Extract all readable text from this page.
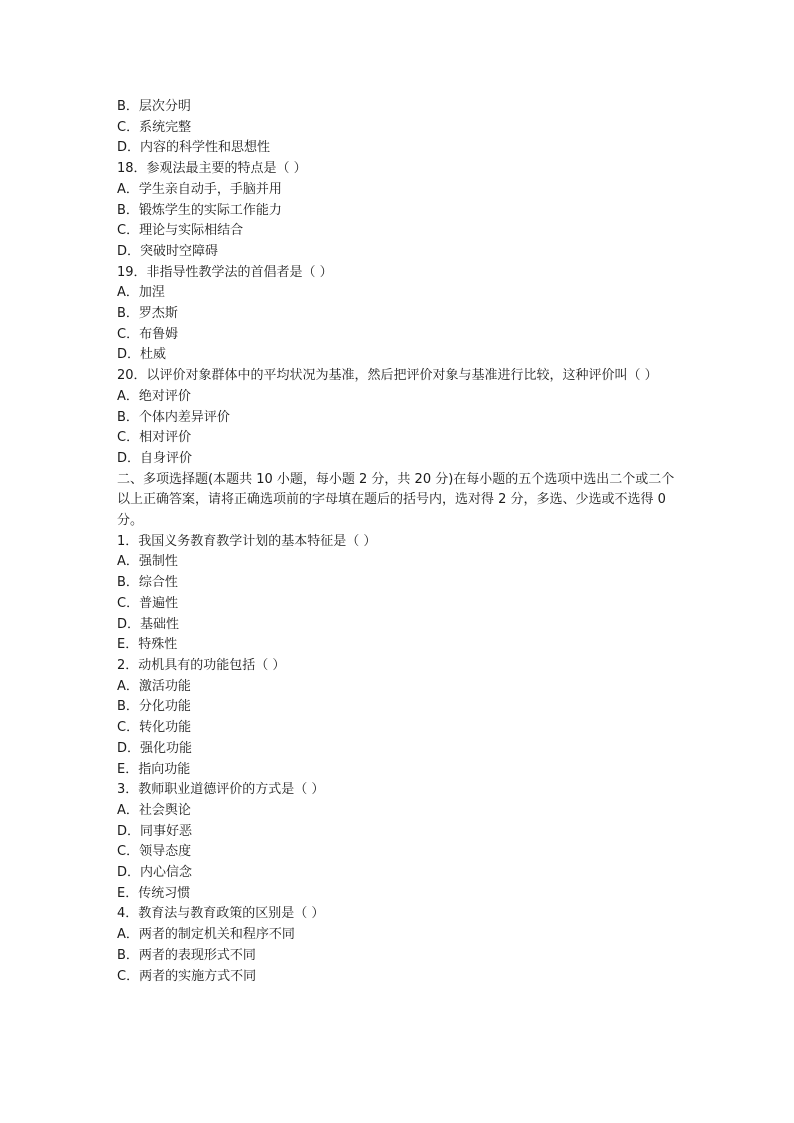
B．层次分明

C．系统完整

D．内容的科学性和思想性

18．参观法最主要的特点是（ ）

A．学生亲自动手，手脑并用

B．锻炼学生的实际工作能力

C．理论与实际相结合

D．突破时空障碍

19．非指导性教学法的首倡者是（ ）

A．加涅

B．罗杰斯

C．布鲁姆

D．杜威

20．以评价对象群体中的平均状况为基准，然后把评价对象与基准进行比较，这种评价叫（ ）

A．绝对评价

B．个体内差异评价

C．相对评价

D．自身评价

二、多项选择题(本题共 10 小题，每小题 2 分，共 20 分)在每小题的五个选项中选出二个或二个以上正确答案，请将正确选项前的字母填在题后的括号内，选对得 2 分，多选、少选或不选得 0 分。

1．我国义务教育教学计划的基本特征是（ ）

A．强制性

B．综合性

C．普遍性

D．基础性

E．特殊性

2．动机具有的功能包括（ ）

A．激活功能

B．分化功能

C．转化功能

D．强化功能

E．指向功能

3．教师职业道德评价的方式是（ ）

A．社会舆论

D．同事好恶

C．领导态度

D．内心信念

E．传统习惯

4．教育法与教育政策的区别是（ ）

A．两者的制定机关和程序不同

B．两者的表现形式不同

C．两者的实施方式不同
